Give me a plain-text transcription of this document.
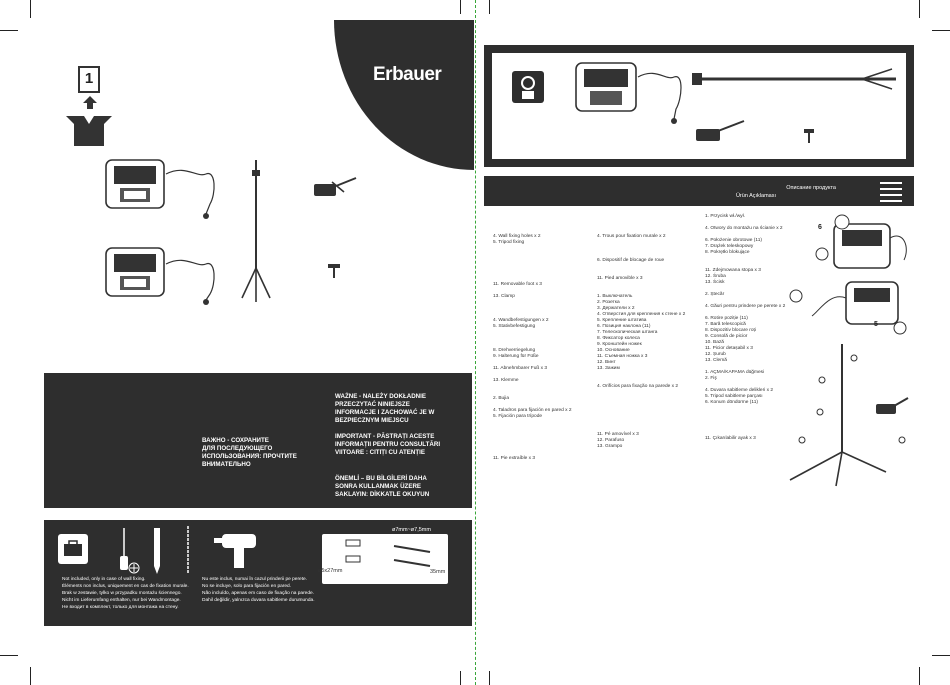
Erbauer
1
ВАЖНО - СОХРАНИТЕ
ДЛЯ ПОСЛЕДУЮЩЕГО
ИСПОЛЬЗОВАНИЯ: ПРОЧТИТЕ
ВНИМАТЕЛЬНО
WAŻNE - NALEŻY DOKŁADNIE
PRZECZYTAĆ NINIEJSZE
INFORMACJE I ZACHOWAĆ JE W
BEZPIECZNYM MIEJSCU
IMPORTANT - PĂSTRAȚI ACESTE
INFORMAȚII PENTRU CONSULTĂRI
VIITOARE : CITIȚI CU ATENȚIE
ÖNEMLİ – BU BİLGİLERİ DAHA
SONRA KULLANMAK ÜZERE
SAKLAYIN: DİKKATLE OKUYUN
Not included, only in case of wall fixing.
Éléments non inclus, uniquement en cas de fixation murale.
Brak w zestawie, tylko w przypadku montażu ściennego.
Nicht im Lieferumfang enthalten, nur bei Wandmontage.
Не входит в комплект, только для монтажа на стену.
Nu este inclus, numai în cazul prinderii pe perete.
No se incluye, solo para fijación en pared.
Não incluído, apenas em caso de fixação na parede.
Dahil değildir, yalnızca duvara sabitleme durumunda.
ø7mm~ø7,5mm
ø5x27mm	35mm
Описание продукта
Ürün Açıklaması
4. Wall fixing holes x 2
5. Tripod fixing

11. Removable foot x 3

13. Clamp

4. Wandbefestigungen x 2
5. Stativbefestigung

8. Drehverriegelung
9. Halterung für Füße

11. Abnehmbarer Fuß x 3

13. Klemme

2. Bujia

4. Taladros para fijación en pared x 2
5. Fijación para trípode

11. Pie extraíble x 3
4. Trous pour fixation murale x 2

6. Dispositif de blocage de roue

11. Pied amovible x 3

1. Выключатель
2. Розетка
3. Держатели x 2
4. Отверстия для крепления к стене x 2
5. Крепление штатива
6. Позиция наклона (11)
7. Телескопическая штанга
8. Фиксатор колеса
9. Кронштейн ножек
10. Основание
11. Съемная ножка x 3
12. Винт
13. Зажим

4. Orifícios para fixação na parede x 2

11. Pé amovível x 3
12. Parafuso
13. Grampo
1. Przycisk wł./wył.

4. Otwory do montażu na ścianie x 2

6. Położenie obrotowe (11)
7. Drążek teleskopowy
8. Pokrętło blokujące

11. Zdejmowana stopa x 3
12. Śruba
13. Ścisk

2. Ștecăr

4. Găuri pentru prindere pe perete x 2

6. Rotire poziție (11)
7. Bară telescopică
8. Dispozitiv blocare roți
9. Consolă de picior
10. Bază
11. Picior detașabil x 3
12. Șurub
13. Clemă

1. AÇMA/KAPAMA düğmesi
2. Fiş

4. Duvara sabitleme delikleri x 2
5. Tripod sabitleme parçası
6. Konum döndürme (11)

11. Çıkarılabilir ayak x 3
6
5
